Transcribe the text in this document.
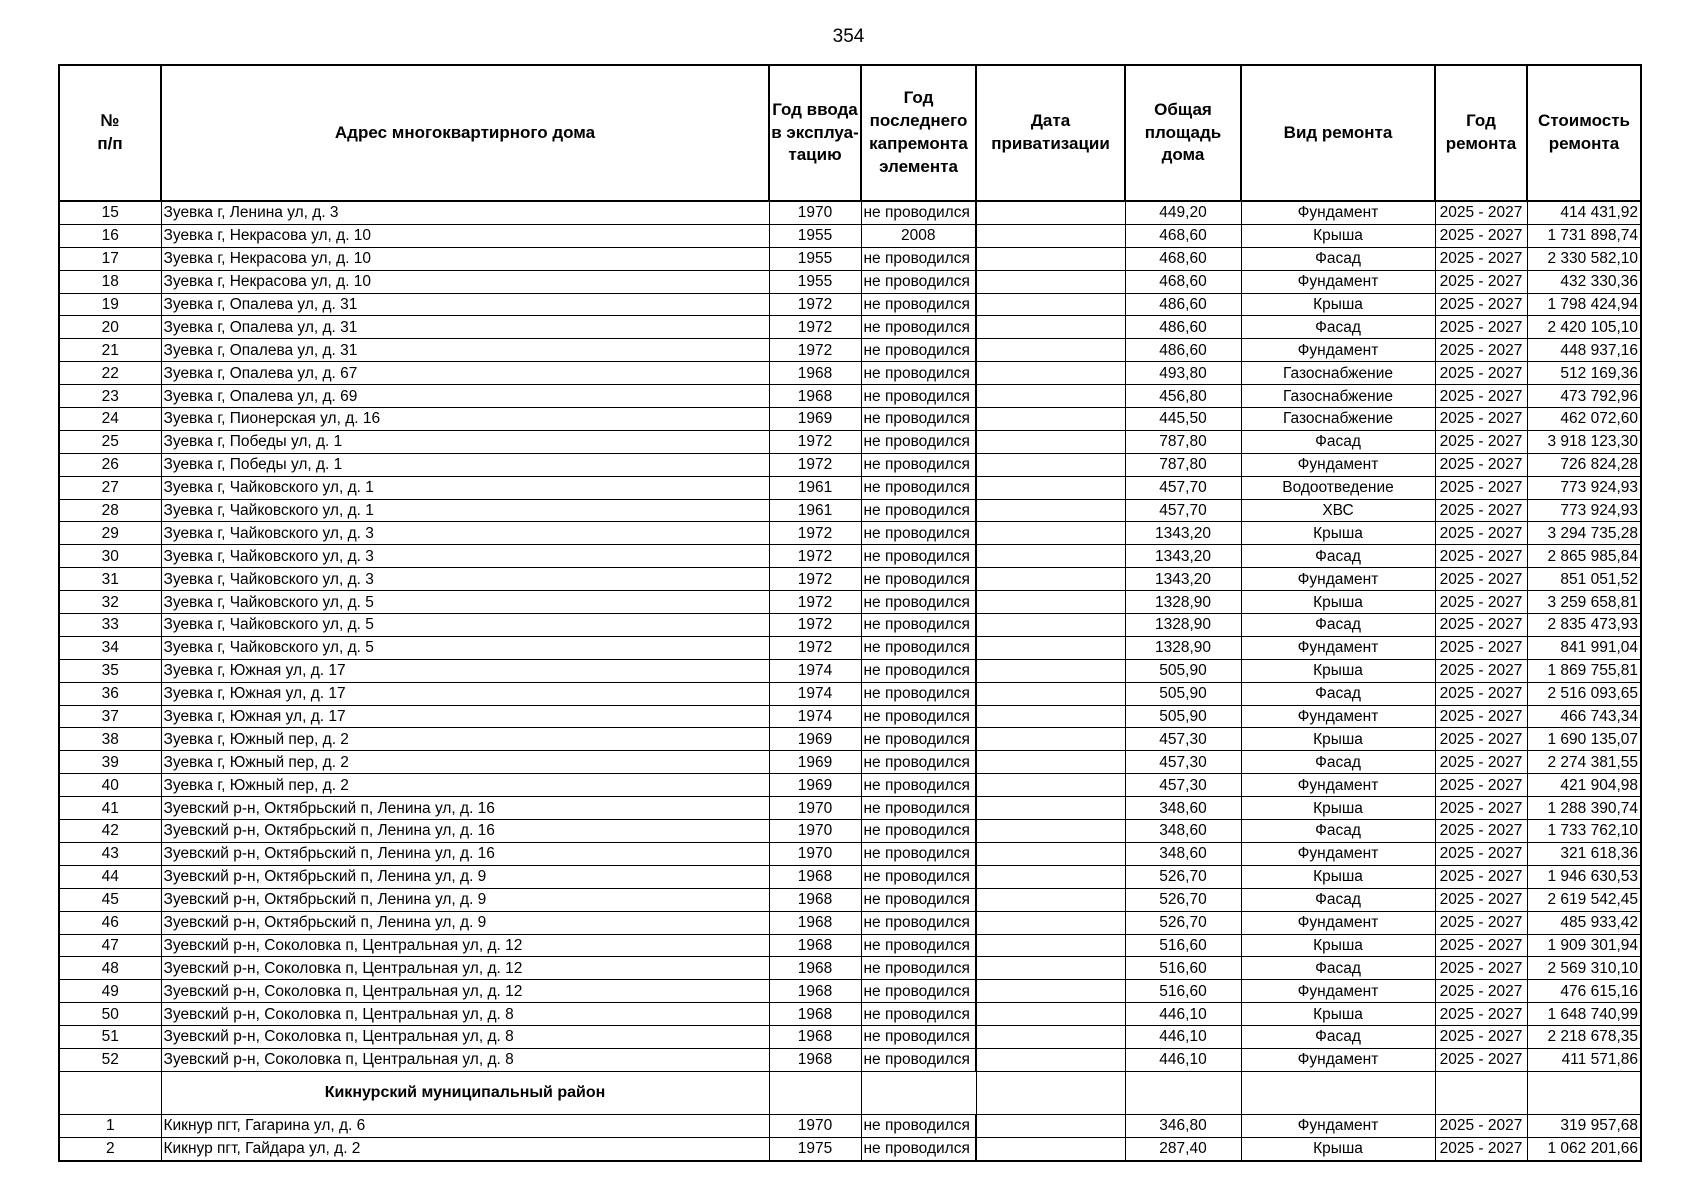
354
№
п/п	Адрес многоквартирного дома	Год ввода в эксплуа-тацию	Год последнего капремонта элемента	Дата приватизации	Общая площадь дома	Вид ремонта	Год ремонта	Стоимость ремонта
15	Зуевка г, Ленина ул, д. 3	1970	не проводился		449,20	Фундамент	2025 - 2027	414 431,92
16	Зуевка г, Некрасова ул, д. 10	1955	2008		468,60	Крыша	2025 - 2027	1 731 898,74
17	Зуевка г, Некрасова ул, д. 10	1955	не проводился		468,60	Фасад	2025 - 2027	2 330 582,10
18	Зуевка г, Некрасова ул, д. 10	1955	не проводился		468,60	Фундамент	2025 - 2027	432 330,36
19	Зуевка г, Опалева ул, д. 31	1972	не проводился		486,60	Крыша	2025 - 2027	1 798 424,94
20	Зуевка г, Опалева ул, д. 31	1972	не проводился		486,60	Фасад	2025 - 2027	2 420 105,10
21	Зуевка г, Опалева ул, д. 31	1972	не проводился		486,60	Фундамент	2025 - 2027	448 937,16
22	Зуевка г, Опалева ул, д. 67	1968	не проводился		493,80	Газоснабжение	2025 - 2027	512 169,36
23	Зуевка г, Опалева ул, д. 69	1968	не проводился		456,80	Газоснабжение	2025 - 2027	473 792,96
24	Зуевка г, Пионерская ул, д. 16	1969	не проводился		445,50	Газоснабжение	2025 - 2027	462 072,60
25	Зуевка г, Победы ул, д. 1	1972	не проводился		787,80	Фасад	2025 - 2027	3 918 123,30
26	Зуевка г, Победы ул, д. 1	1972	не проводился		787,80	Фундамент	2025 - 2027	726 824,28
27	Зуевка г, Чайковского ул, д. 1	1961	не проводился		457,70	Водоотведение	2025 - 2027	773 924,93
28	Зуевка г, Чайковского ул, д. 1	1961	не проводился		457,70	ХВС	2025 - 2027	773 924,93
29	Зуевка г, Чайковского ул, д. 3	1972	не проводился		1343,20	Крыша	2025 - 2027	3 294 735,28
30	Зуевка г, Чайковского ул, д. 3	1972	не проводился		1343,20	Фасад	2025 - 2027	2 865 985,84
31	Зуевка г, Чайковского ул, д. 3	1972	не проводился		1343,20	Фундамент	2025 - 2027	851 051,52
32	Зуевка г, Чайковского ул, д. 5	1972	не проводился		1328,90	Крыша	2025 - 2027	3 259 658,81
33	Зуевка г, Чайковского ул, д. 5	1972	не проводился		1328,90	Фасад	2025 - 2027	2 835 473,93
34	Зуевка г, Чайковского ул, д. 5	1972	не проводился		1328,90	Фундамент	2025 - 2027	841 991,04
35	Зуевка г, Южная ул, д. 17	1974	не проводился		505,90	Крыша	2025 - 2027	1 869 755,81
36	Зуевка г, Южная ул, д. 17	1974	не проводился		505,90	Фасад	2025 - 2027	2 516 093,65
37	Зуевка г, Южная ул, д. 17	1974	не проводился		505,90	Фундамент	2025 - 2027	466 743,34
38	Зуевка г, Южный пер, д. 2	1969	не проводился		457,30	Крыша	2025 - 2027	1 690 135,07
39	Зуевка г, Южный пер, д. 2	1969	не проводился		457,30	Фасад	2025 - 2027	2 274 381,55
40	Зуевка г, Южный пер, д. 2	1969	не проводился		457,30	Фундамент	2025 - 2027	421 904,98
41	Зуевский р-н, Октябрьский п, Ленина ул, д. 16	1970	не проводился		348,60	Крыша	2025 - 2027	1 288 390,74
42	Зуевский р-н, Октябрьский п, Ленина ул, д. 16	1970	не проводился		348,60	Фасад	2025 - 2027	1 733 762,10
43	Зуевский р-н, Октябрьский п, Ленина ул, д. 16	1970	не проводился		348,60	Фундамент	2025 - 2027	321 618,36
44	Зуевский р-н, Октябрьский п, Ленина ул, д. 9	1968	не проводился		526,70	Крыша	2025 - 2027	1 946 630,53
45	Зуевский р-н, Октябрьский п, Ленина ул, д. 9	1968	не проводился		526,70	Фасад	2025 - 2027	2 619 542,45
46	Зуевский р-н, Октябрьский п, Ленина ул, д. 9	1968	не проводился		526,70	Фундамент	2025 - 2027	485 933,42
47	Зуевский р-н, Соколовка п, Центральная ул, д. 12	1968	не проводился		516,60	Крыша	2025 - 2027	1 909 301,94
48	Зуевский р-н, Соколовка п, Центральная ул, д. 12	1968	не проводился		516,60	Фасад	2025 - 2027	2 569 310,10
49	Зуевский р-н, Соколовка п, Центральная ул, д. 12	1968	не проводился		516,60	Фундамент	2025 - 2027	476 615,16
50	Зуевский р-н, Соколовка п, Центральная ул, д. 8	1968	не проводился		446,10	Крыша	2025 - 2027	1 648 740,99
51	Зуевский р-н, Соколовка п, Центральная ул, д. 8	1968	не проводился		446,10	Фасад	2025 - 2027	2 218 678,35
52	Зуевский р-н, Соколовка п, Центральная ул, д. 8	1968	не проводился		446,10	Фундамент	2025 - 2027	411 571,86
	Кикнурский муниципальный район							
1	Кикнур пгт, Гагарина ул, д. 6	1970	не проводился		346,80	Фундамент	2025 - 2027	319 957,68
2	Кикнур пгт, Гайдара ул, д. 2	1975	не проводился		287,40	Крыша	2025 - 2027	1 062 201,66
